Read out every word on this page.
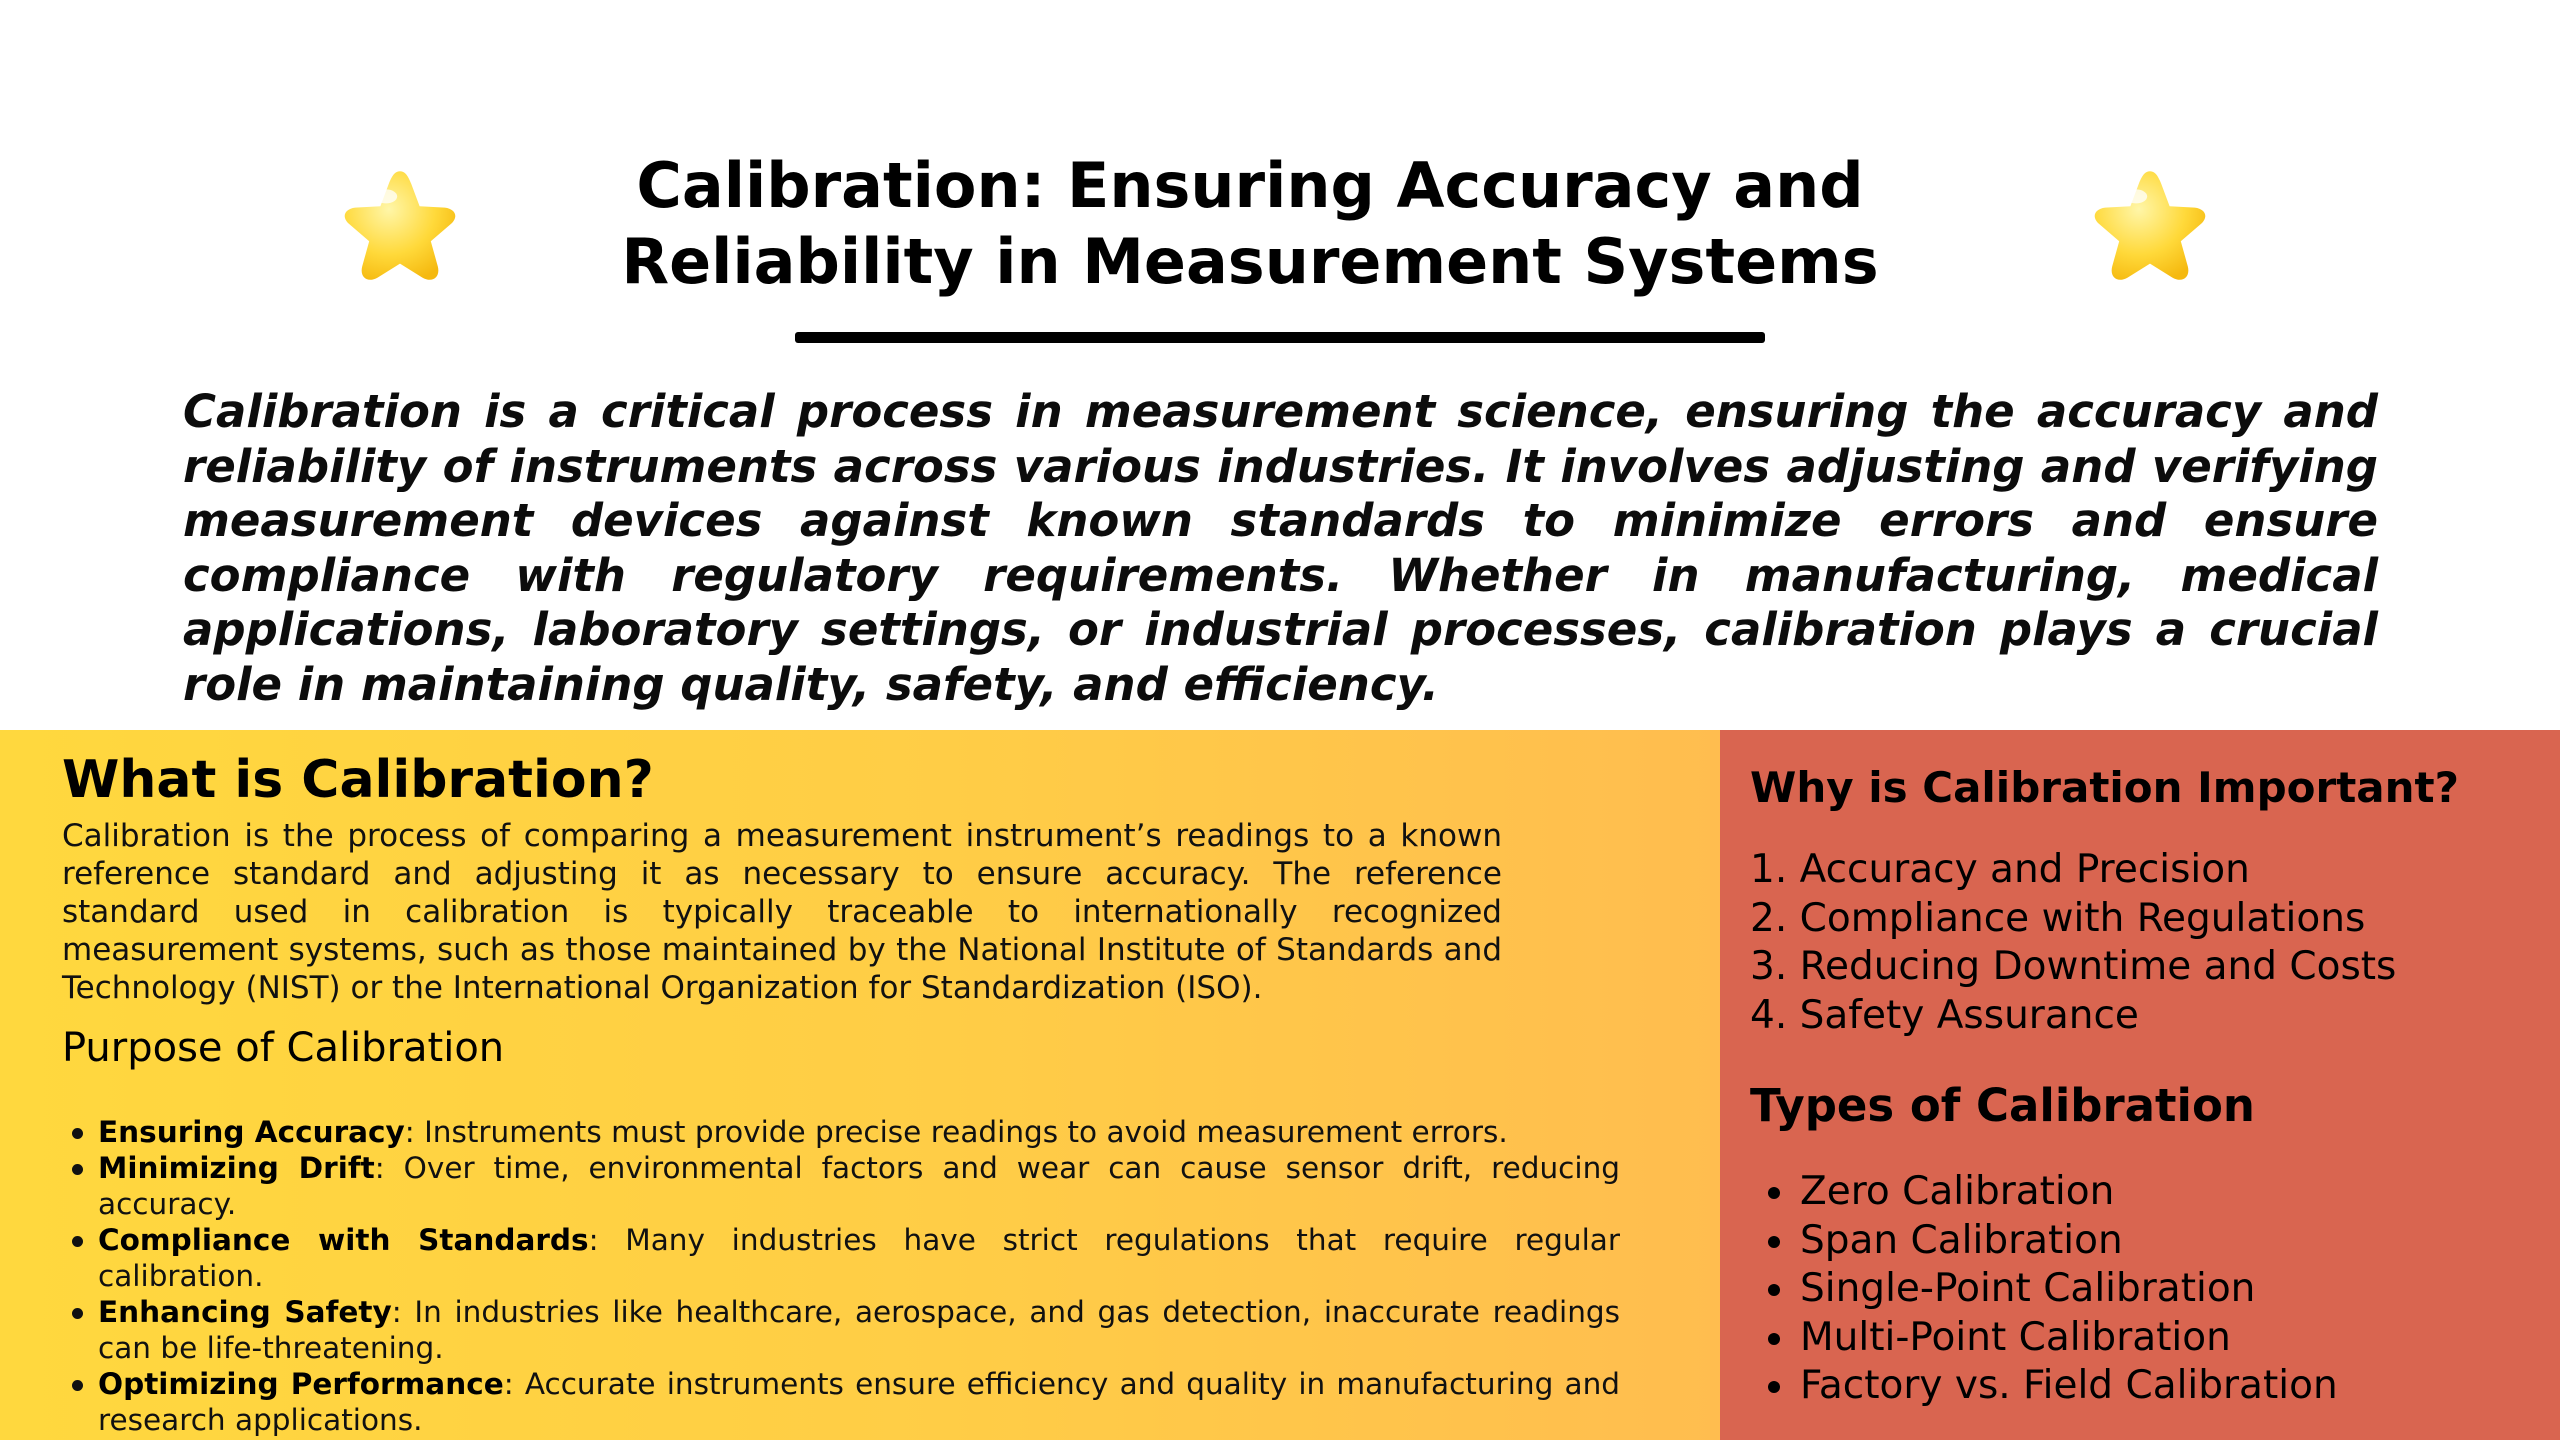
Calibration: Ensuring Accuracy and
Reliability in Measurement Systems

Calibration is a critical process in measurement science, ensuring the accuracy and reliability of instruments across various industries. It involves adjusting and verifying measurement devices against known standards to minimize errors and ensure compliance with regulatory requirements. Whether in manufacturing, medical applications, laboratory settings, or industrial processes, calibration plays a crucial role in maintaining quality, safety, and efficiency.

What is Calibration?

Calibration is the process of comparing a measurement instrument’s readings to a known reference standard and adjusting it as necessary to ensure accuracy. The reference standard used in calibration is typically traceable to internationally recognized measurement systems, such as those maintained by the National Institute of Standards and Technology (NIST) or the International Organization for Standardization (ISO).

Purpose of Calibration
Ensuring Accuracy: Instruments must provide precise readings to avoid measurement errors.
Minimizing Drift: Over time, environmental factors and wear can cause sensor drift, reducing accuracy.
Compliance with Standards: Many industries have strict regulations that require regular calibration.
Enhancing Safety: In industries like healthcare, aerospace, and gas detection, inaccurate readings can be life-threatening.
Optimizing Performance: Accurate instruments ensure efficiency and quality in manufacturing and research applications.
Why is Calibration Important?
1. Accuracy and Precision
2. Compliance with Regulations
3. Reducing Downtime and Costs
4. Safety Assurance
Types of Calibration
Zero Calibration
Span Calibration
Single-Point Calibration
Multi-Point Calibration
Factory vs. Field Calibration
